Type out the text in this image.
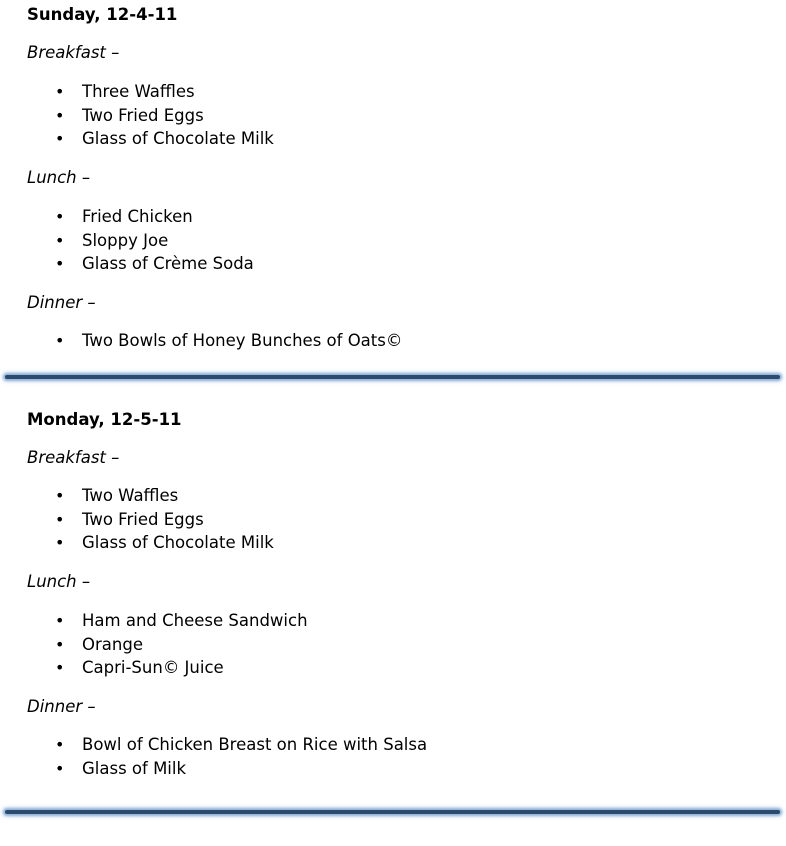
Sunday, 12-4-11

Breakfast –

• Three Waffles
• Two Fried Eggs
• Glass of Chocolate Milk

Lunch –

• Fried Chicken
• Sloppy Joe
• Glass of Crème Soda

Dinner –

• Two Bowls of Honey Bunches of Oats©
Monday, 12-5-11

Breakfast –

• Two Waffles
• Two Fried Eggs
• Glass of Chocolate Milk

Lunch –

• Ham and Cheese Sandwich
• Orange
• Capri-Sun© Juice

Dinner –

• Bowl of Chicken Breast on Rice with Salsa
• Glass of Milk
